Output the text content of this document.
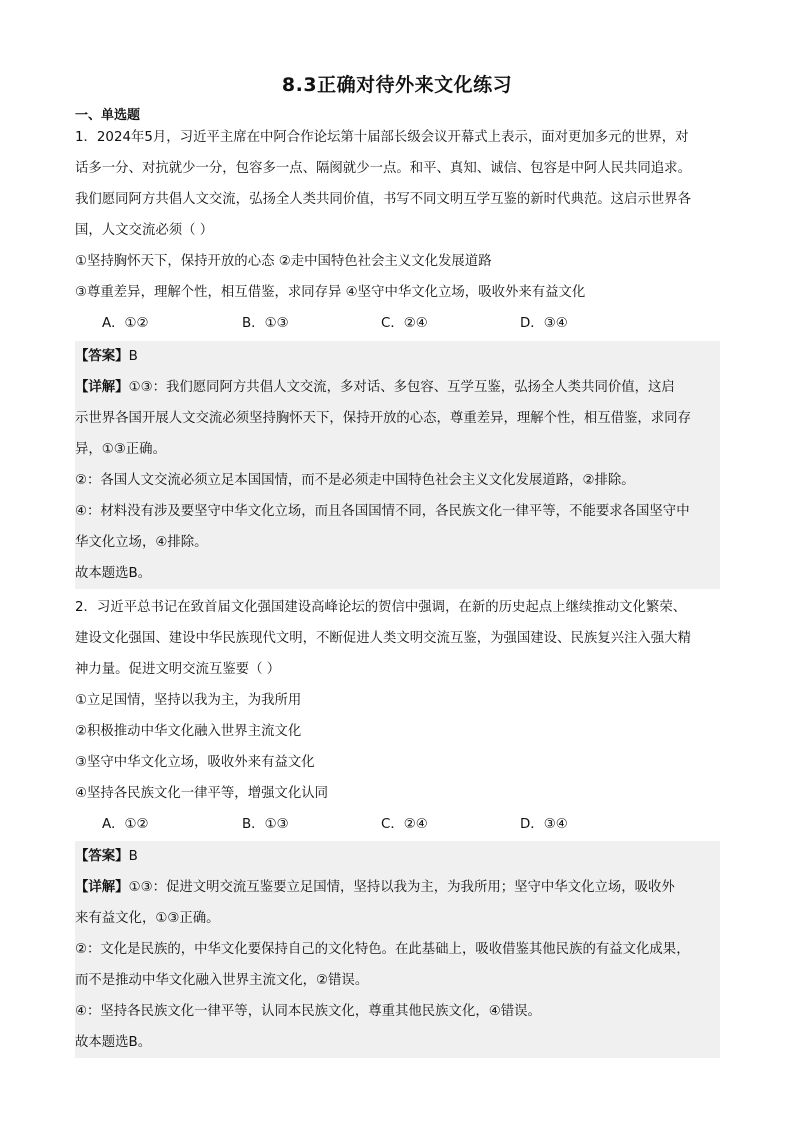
8.3正确对待外来文化练习
一、单选题
1．2024年5月，习近平主席在中阿合作论坛第十届部长级会议开幕式上表示，面对更加多元的世界，对
话多一分、对抗就少一分，包容多一点、隔阂就少一点。和平、真知、诚信、包容是中阿人民共同追求。
我们愿同阿方共倡人文交流，弘扬全人类共同价值，书写不同文明互学互鉴的新时代典范。这启示世界各
国，人文交流必须（ ）
①坚持胸怀天下，保持开放的心态 ②走中国特色社会主义文化发展道路
③尊重差异，理解个性，相互借鉴，求同存异 ④坚守中华文化立场，吸收外来有益文化
A．①②	B．①③	C．②④	D．③④
【答案】B
【详解】①③：我们愿同阿方共倡人文交流，多对话、多包容、互学互鉴，弘扬全人类共同价值，这启
示世界各国开展人文交流必须坚持胸怀天下，保持开放的心态，尊重差异，理解个性，相互借鉴，求同存
异，①③正确。
②：各国人文交流必须立足本国国情，而不是必须走中国特色社会主义文化发展道路，②排除。
④：材料没有涉及要坚守中华文化立场，而且各国国情不同，各民族文化一律平等，不能要求各国坚守中
华文化立场，④排除。
故本题选B。
2．习近平总书记在致首届文化强国建设高峰论坛的贺信中强调，在新的历史起点上继续推动文化繁荣、
建设文化强国、建设中华民族现代文明，不断促进人类文明交流互鉴，为强国建设、民族复兴注入强大精
神力量。促进文明交流互鉴要（ ）
①立足国情，坚持以我为主，为我所用
②积极推动中华文化融入世界主流文化
③坚守中华文化立场，吸收外来有益文化
④坚持各民族文化一律平等，增强文化认同
A．①②	B．①③	C．②④	D．③④
【答案】B
【详解】①③：促进文明交流互鉴要立足国情，坚持以我为主，为我所用；坚守中华文化立场，吸收外
来有益文化，①③正确。
②：文化是民族的，中华文化要保持自己的文化特色。在此基础上，吸收借鉴其他民族的有益文化成果，
而不是推动中华文化融入世界主流文化，②错误。
④：坚持各民族文化一律平等，认同本民族文化，尊重其他民族文化，④错误。
故本题选B。
